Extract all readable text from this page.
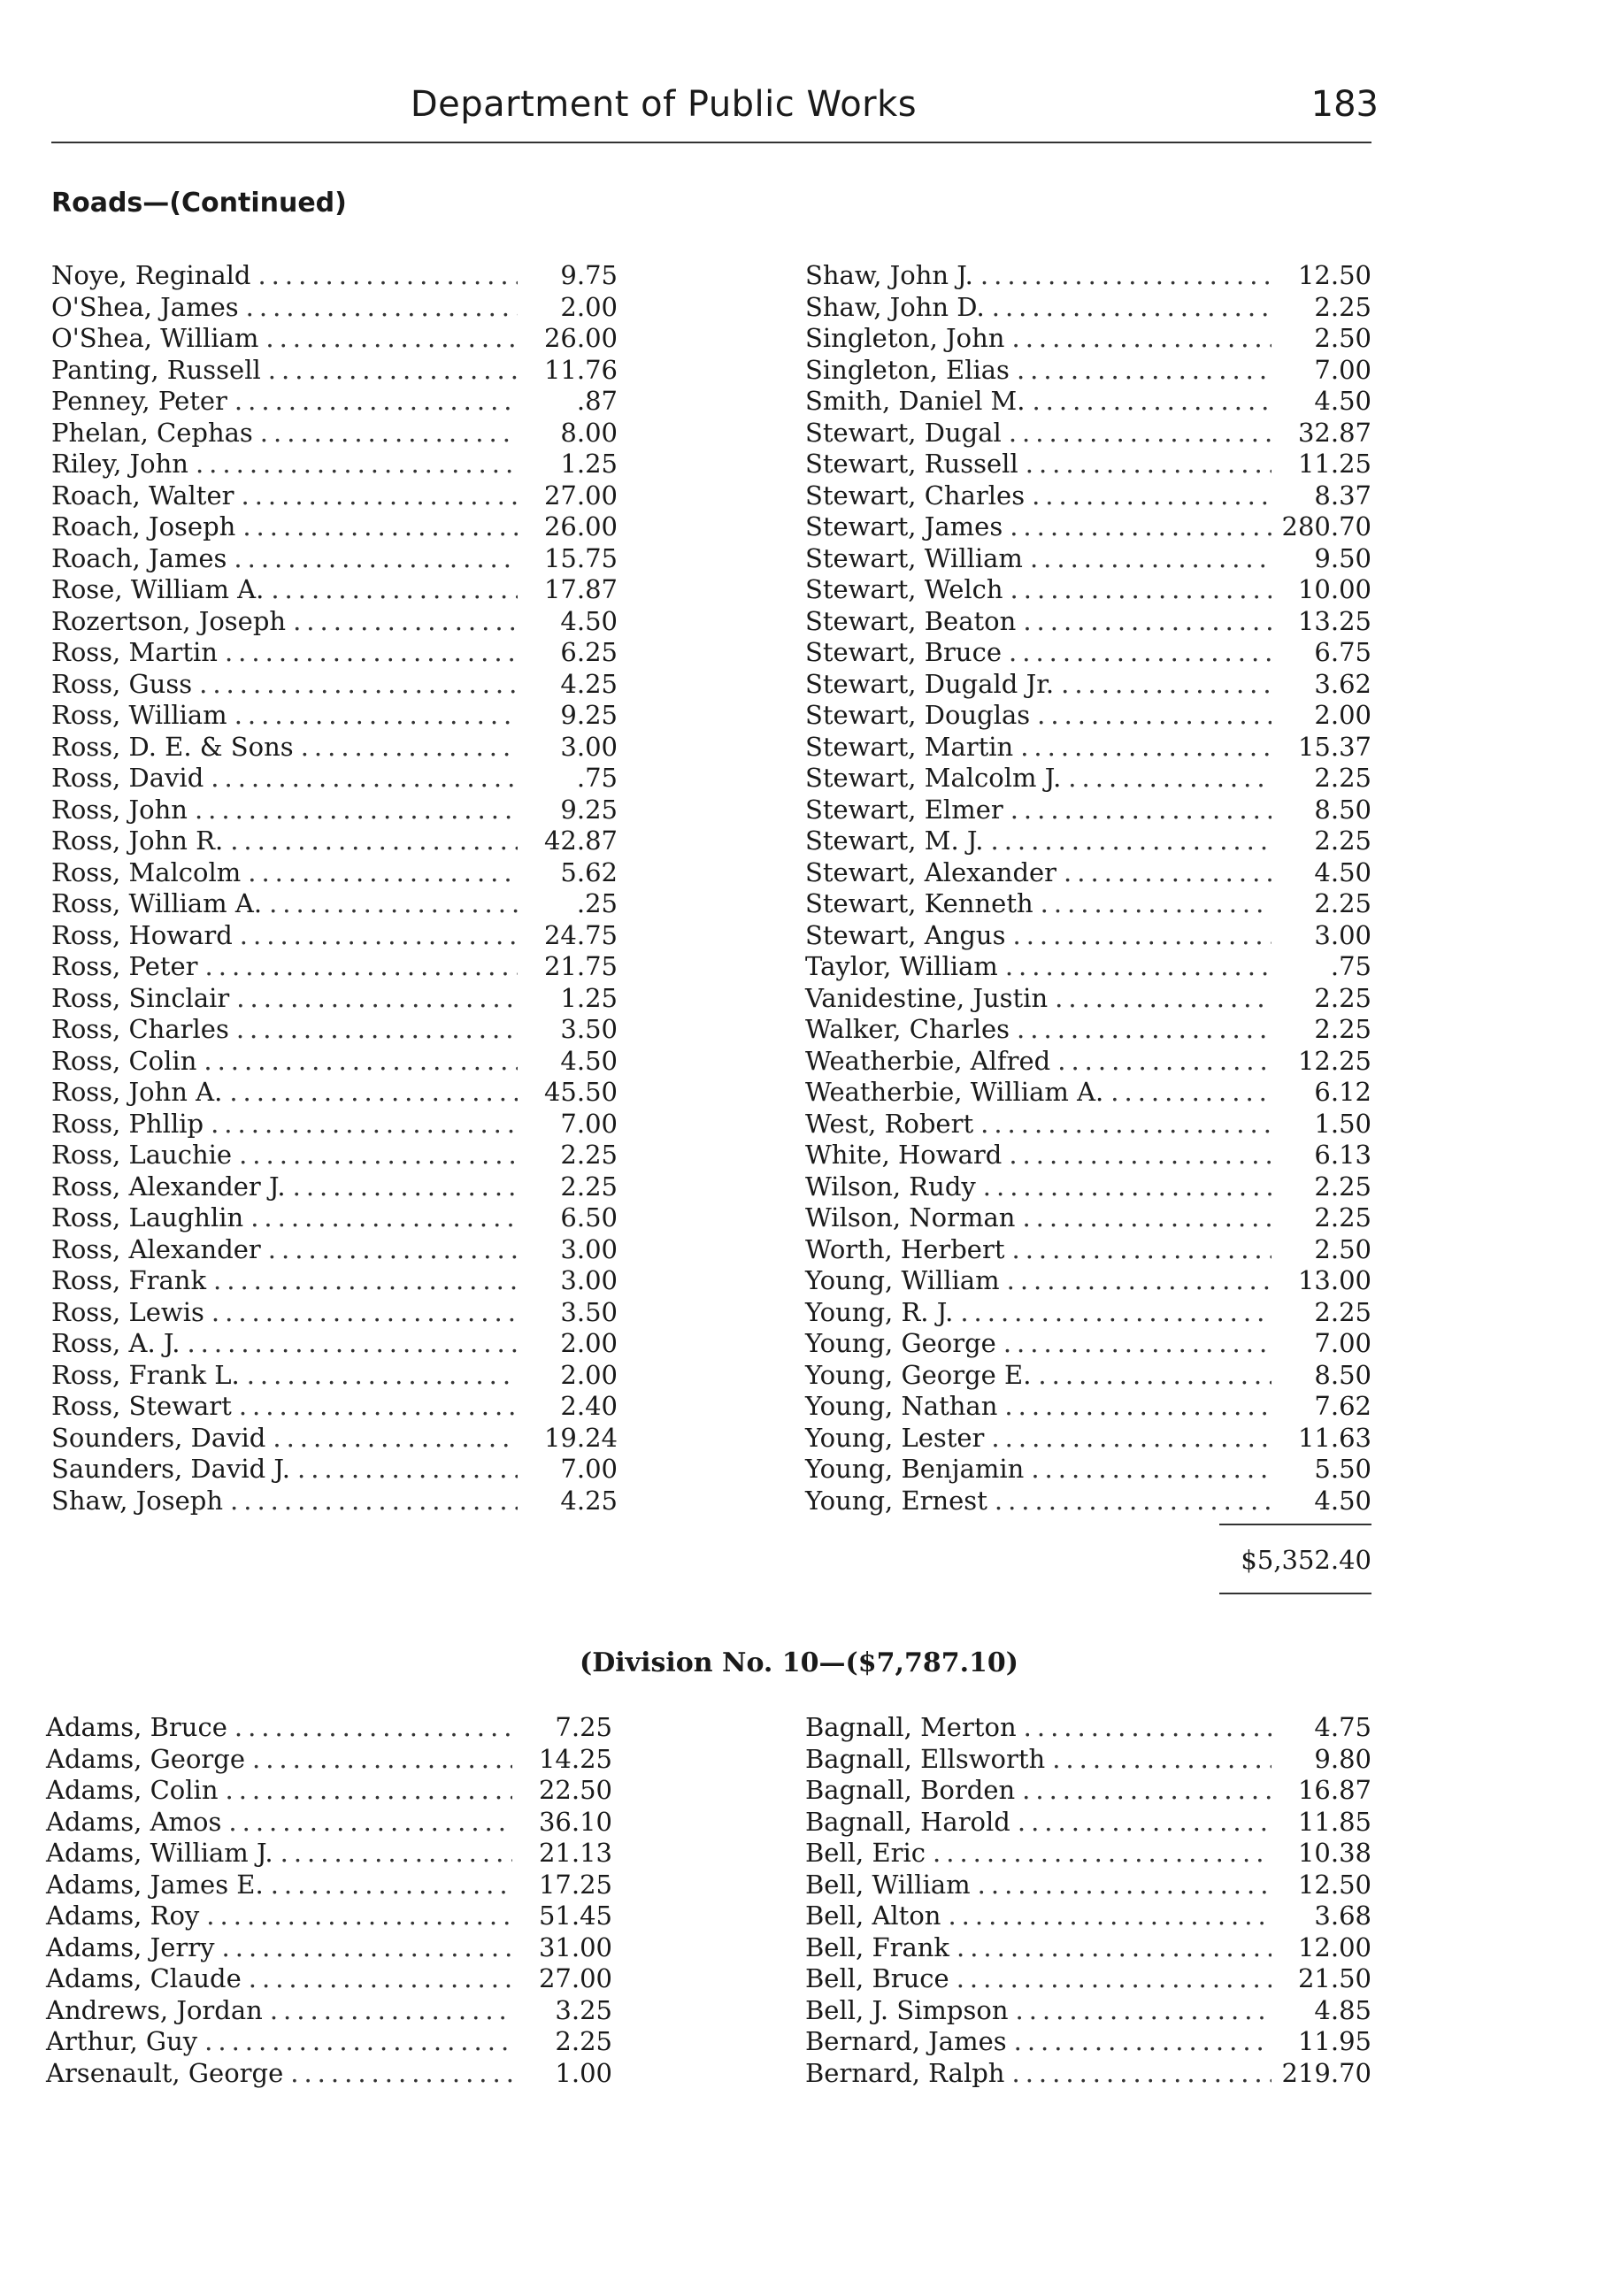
Department of Public Works	183
Roads—(Continued)
Noye, Reginald .....	9.75
O'Shea, James .....	2.00
O'Shea, William .....	26.00
Panting, Russell .....	11.76
Penney, Peter .....	.87
Phelan, Cephas .....	8.00
Riley, John .....	1.25
Roach, Walter .....	27.00
Roach, Joseph .....	26.00
Roach, James .....	15.75
Rose, William A. .....	17.87
Rozertson, Joseph .....	4.50
Ross, Martin .....	6.25
Ross, Guss .....	4.25
Ross, William .....	9.25
Ross, D. E. & Sons .....	3.00
Ross, David .....	.75
Ross, John .....	9.25
Ross, John R. .....	42.87
Ross, Malcolm .....	5.62
Ross, William A. .....	.25
Ross, Howard .....	24.75
Ross, Peter .....	21.75
Ross, Sinclair .....	1.25
Ross, Charles .....	3.50
Ross, Colin .....	4.50
Ross, John A. .....	45.50
Ross, Phllip .....	7.00
Ross, Lauchie .....	2.25
Ross, Alexander J. .....	2.25
Ross, Laughlin .....	6.50
Ross, Alexander .....	3.00
Ross, Frank .....	3.00
Ross, Lewis .....	3.50
Ross, A. J. .....	2.00
Ross, Frank L. .....	2.00
Ross, Stewart .....	2.40
Sounders, David .....	19.24
Saunders, David J. .....	7.00
Shaw, Joseph .....	4.25
Shaw, John J. .....	12.50
Shaw, John D. .....	2.25
Singleton, John .....	2.50
Singleton, Elias .....	7.00
Smith, Daniel M. .....	4.50
Stewart, Dugal .....	32.87
Stewart, Russell .....	11.25
Stewart, Charles .....	8.37
Stewart, James .....	280.70
Stewart, William .....	9.50
Stewart, Welch .....	10.00
Stewart, Beaton .....	13.25
Stewart, Bruce .....	6.75
Stewart, Dugald Jr. .....	3.62
Stewart, Douglas .....	2.00
Stewart, Martin .....	15.37
Stewart, Malcolm J. .....	2.25
Stewart, Elmer .....	8.50
Stewart, M. J. .....	2.25
Stewart, Alexander .....	4.50
Stewart, Kenneth .....	2.25
Stewart, Angus .....	3.00
Taylor, William .....	.75
Vanidestine, Justin .....	2.25
Walker, Charles .....	2.25
Weatherbie, Alfred .....	12.25
Weatherbie, William A. .....	6.12
West, Robert .....	1.50
White, Howard .....	6.13
Wilson, Rudy .....	2.25
Wilson, Norman .....	2.25
Worth, Herbert .....	2.50
Young, William .....	13.00
Young, R. J. .....	2.25
Young, George .....	7.00
Young, George E. .....	8.50
Young, Nathan .....	7.62
Young, Lester .....	11.63
Young, Benjamin .....	5.50
Young, Ernest .....	4.50
$5,352.40
(Division No. 10—($7,787.10)
Adams, Bruce .....	7.25
Adams, George .....	14.25
Adams, Colin .....	22.50
Adams, Amos .....	36.10
Adams, William J. .....	21.13
Adams, James E. .....	17.25
Adams, Roy .....	51.45
Adams, Jerry .....	31.00
Adams, Claude .....	27.00
Andrews, Jordan .....	3.25
Arthur, Guy .....	2.25
Arsenault, George .....	1.00
Bagnall, Merton .....	4.75
Bagnall, Ellsworth .....	9.80
Bagnall, Borden .....	16.87
Bagnall, Harold .....	11.85
Bell, Eric .....	10.38
Bell, William .....	12.50
Bell, Alton .....	3.68
Bell, Frank .....	12.00
Bell, Bruce .....	21.50
Bell, J. Simpson .....	4.85
Bernard, James .....	11.95
Bernard, Ralph .....	219.70
